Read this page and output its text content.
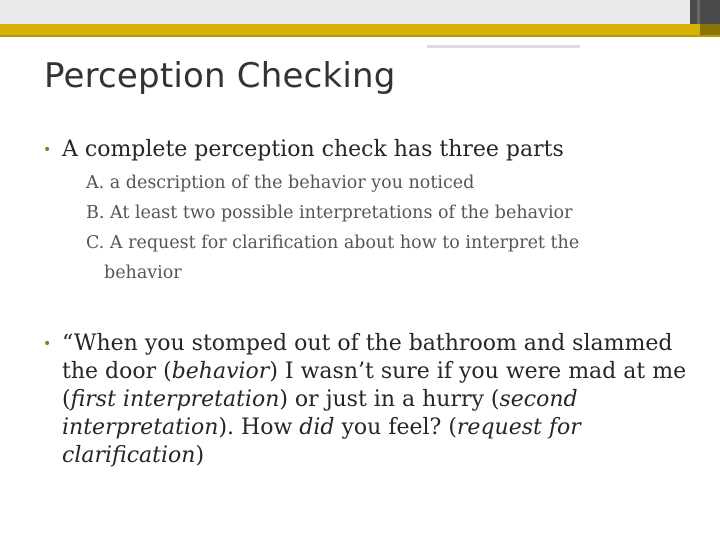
Perception Checking
• A complete perception check has three parts
A. a description of the behavior you noticed
B. At least two possible interpretations of the behavior
C. A request for clarification about how to interpret the
behavior
• “When you stomped out of the bathroom and slammed the door (behavior) I wasn’t sure if you were mad at me (first interpretation) or just in a hurry (second interpretation). How did you feel? (request for clarification)
